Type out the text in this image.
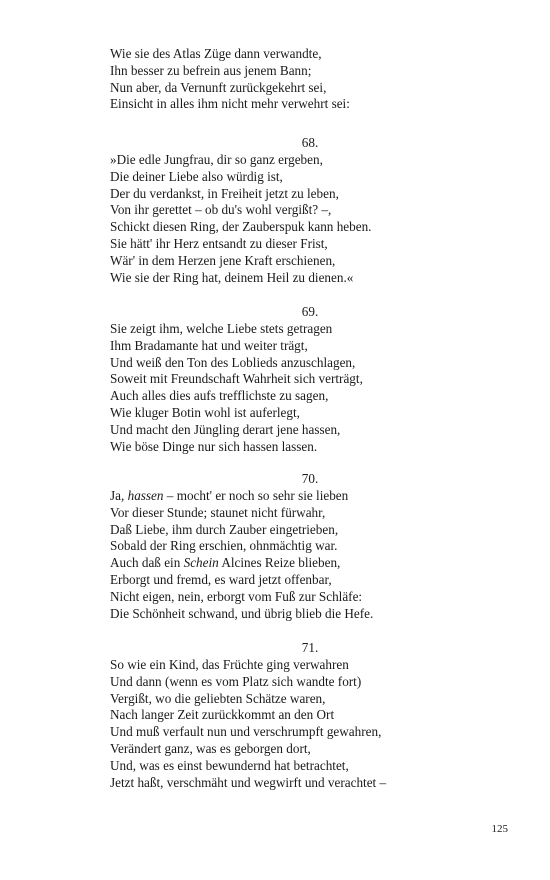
Wie sie des Atlas Züge dann verwandte,
Ihn besser zu befrein aus jenem Bann;
Nun aber, da Vernunft zurückgekehrt sei,
Einsicht in alles ihm nicht mehr verwehrt sei:
68.
»Die edle Jungfrau, dir so ganz ergeben,
Die deiner Liebe also würdig ist,
Der du verdankst, in Freiheit jetzt zu leben,
Von ihr gerettet – ob du's wohl vergißt? –,
Schickt diesen Ring, der Zauberspuk kann heben.
Sie hätt' ihr Herz entsandt zu dieser Frist,
Wär' in dem Herzen jene Kraft erschienen,
Wie sie der Ring hat, deinem Heil zu dienen.«
69.
Sie zeigt ihm, welche Liebe stets getragen
Ihm Bradamante hat und weiter trägt,
Und weiß den Ton des Loblieds anzuschlagen,
Soweit mit Freundschaft Wahrheit sich verträgt,
Auch alles dies aufs trefflichste zu sagen,
Wie kluger Botin wohl ist auferlegt,
Und macht den Jüngling derart jene hassen,
Wie böse Dinge nur sich hassen lassen.
70.
Ja, hassen – mocht' er noch so sehr sie lieben
Vor dieser Stunde; staunet nicht fürwahr,
Daß Liebe, ihm durch Zauber eingetrieben,
Sobald der Ring erschien, ohnmächtig war.
Auch daß ein Schein Alcines Reize blieben,
Erborgt und fremd, es ward jetzt offenbar,
Nicht eigen, nein, erborgt vom Fuß zur Schläfe:
Die Schönheit schwand, und übrig blieb die Hefe.
71.
So wie ein Kind, das Früchte ging verwahren
Und dann (wenn es vom Platz sich wandte fort)
Vergißt, wo die geliebten Schätze waren,
Nach langer Zeit zurückkommt an den Ort
Und muß verfault nun und verschrumpft gewahren,
Verändert ganz, was es geborgen dort,
Und, was es einst bewundernd hat betrachtet,
Jetzt haßt, verschmäht und wegwirft und verachtet –
125
